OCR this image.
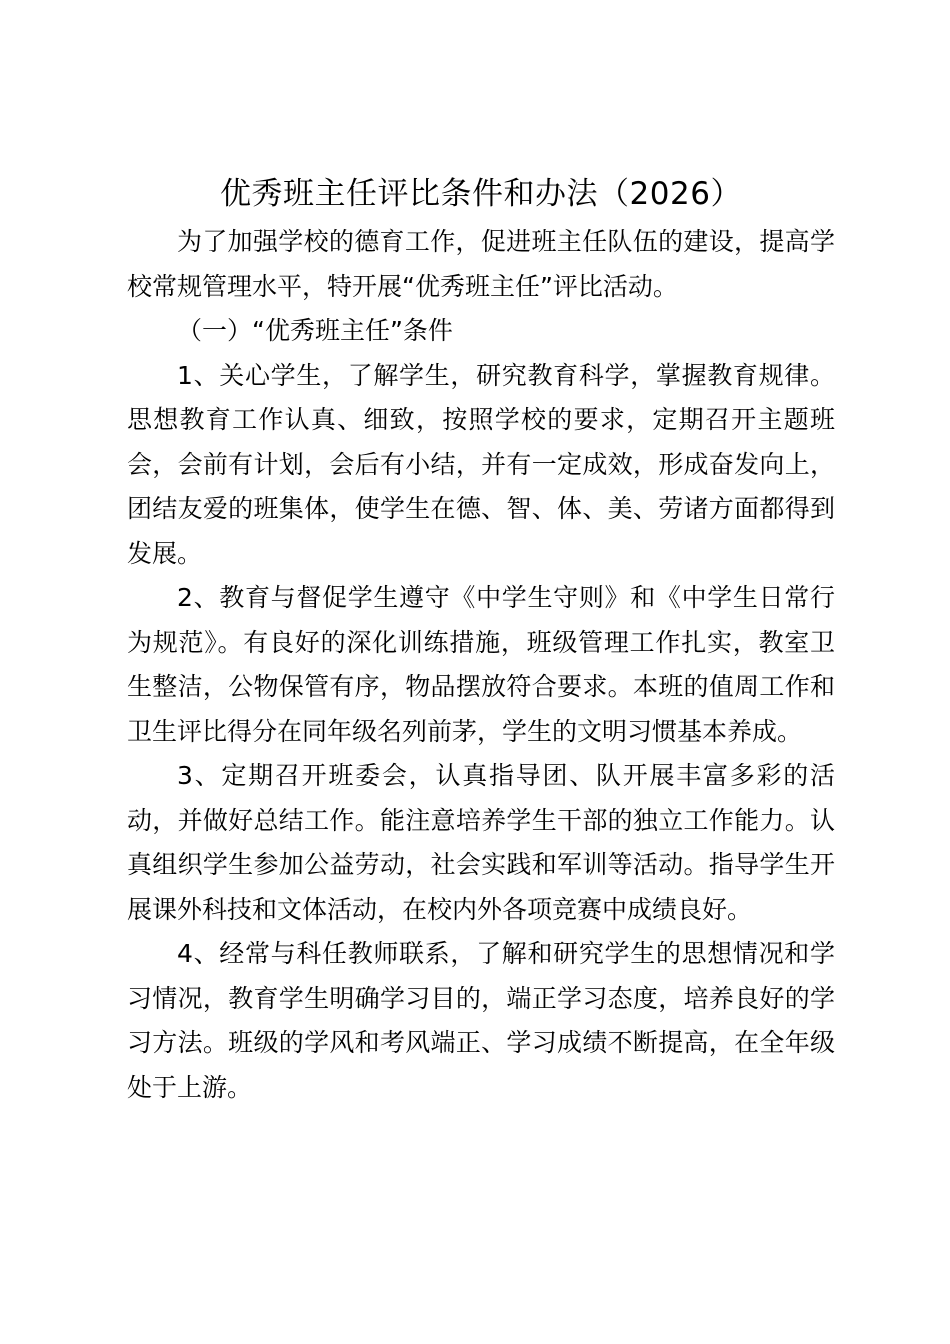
优秀班主任评比条件和办法（2026）

为了加强学校的德育工作，促进班主任队伍的建设，提高学校常规管理水平，特开展“优秀班主任”评比活动。

（一）“优秀班主任”条件

1、关心学生，了解学生，研究教育科学，掌握教育规律。思想教育工作认真、细致，按照学校的要求，定期召开主题班会，会前有计划，会后有小结，并有一定成效，形成奋发向上，团结友爱的班集体，使学生在德、智、体、美、劳诸方面都得到发展。

2、教育与督促学生遵守《中学生守则》和《中学生日常行为规范》。有良好的深化训练措施，班级管理工作扎实，教室卫生整洁，公物保管有序，物品摆放符合要求。本班的值周工作和卫生评比得分在同年级名列前茅，学生的文明习惯基本养成。

3、定期召开班委会，认真指导团、队开展丰富多彩的活动，并做好总结工作。能注意培养学生干部的独立工作能力。认真组织学生参加公益劳动，社会实践和军训等活动。指导学生开展课外科技和文体活动，在校内外各项竞赛中成绩良好。

4、经常与科任教师联系，了解和研究学生的思想情况和学习情况，教育学生明确学习目的，端正学习态度，培养良好的学习方法。班级的学风和考风端正、学习成绩不断提高，在全年级处于上游。
